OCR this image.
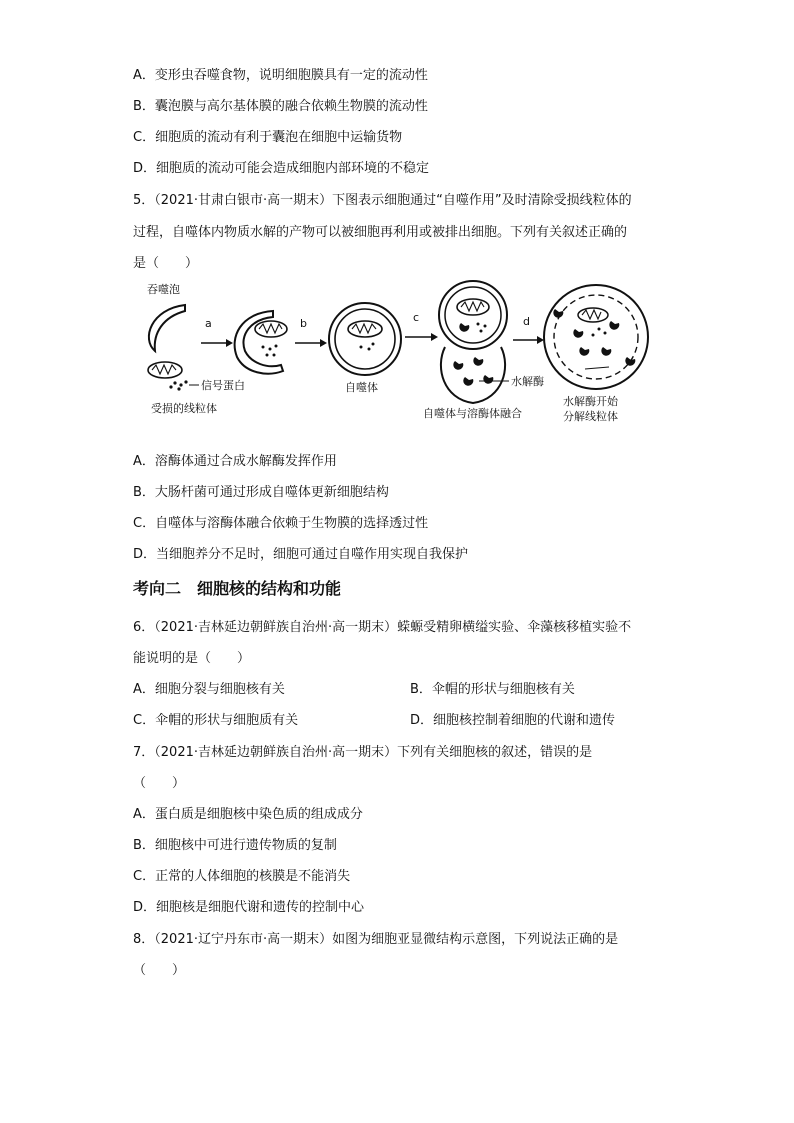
A．变形虫吞噬食物，说明细胞膜具有一定的流动性
B．囊泡膜与高尔基体膜的融合依赖生物膜的流动性
C．细胞质的流动有利于囊泡在细胞中运输货物
D．细胞质的流动可能会造成细胞内部环境的不稳定
5．（2021·甘肃白银市·高一期末）下图表示细胞通过“自噬作用”及时清除受损线粒体的
过程，自噬体内物质水解的产物可以被细胞再利用或被排出细胞。下列有关叙述正确的
是（　　）
吞噬泡
信号蛋白
受损的线粒体
a	b
自噬体
c
水解酶
自噬体与溶酶体融合
d
水解酶开始
分解线粒体
A．溶酶体通过合成水解酶发挥作用
B．大肠杆菌可通过形成自噬体更新细胞结构
C．自噬体与溶酶体融合依赖于生物膜的选择透过性
D．当细胞养分不足时，细胞可通过自噬作用实现自我保护
考向二　细胞核的结构和功能
6．（2021·吉林延边朝鲜族自治州·高一期末）蝾螈受精卵横缢实验、伞藻核移植实验不
能说明的是（　　）
A．细胞分裂与细胞核有关	B．伞帽的形状与细胞核有关
C．伞帽的形状与细胞质有关	D．细胞核控制着细胞的代谢和遗传
7．（2021·吉林延边朝鲜族自治州·高一期末）下列有关细胞核的叙述，错误的是
（　　）
A．蛋白质是细胞核中染色质的组成成分
B．细胞核中可进行遗传物质的复制
C．正常的人体细胞的核膜是不能消失
D．细胞核是细胞代谢和遗传的控制中心
8．（2021·辽宁丹东市·高一期末）如图为细胞亚显微结构示意图，下列说法正确的是
（　　）
